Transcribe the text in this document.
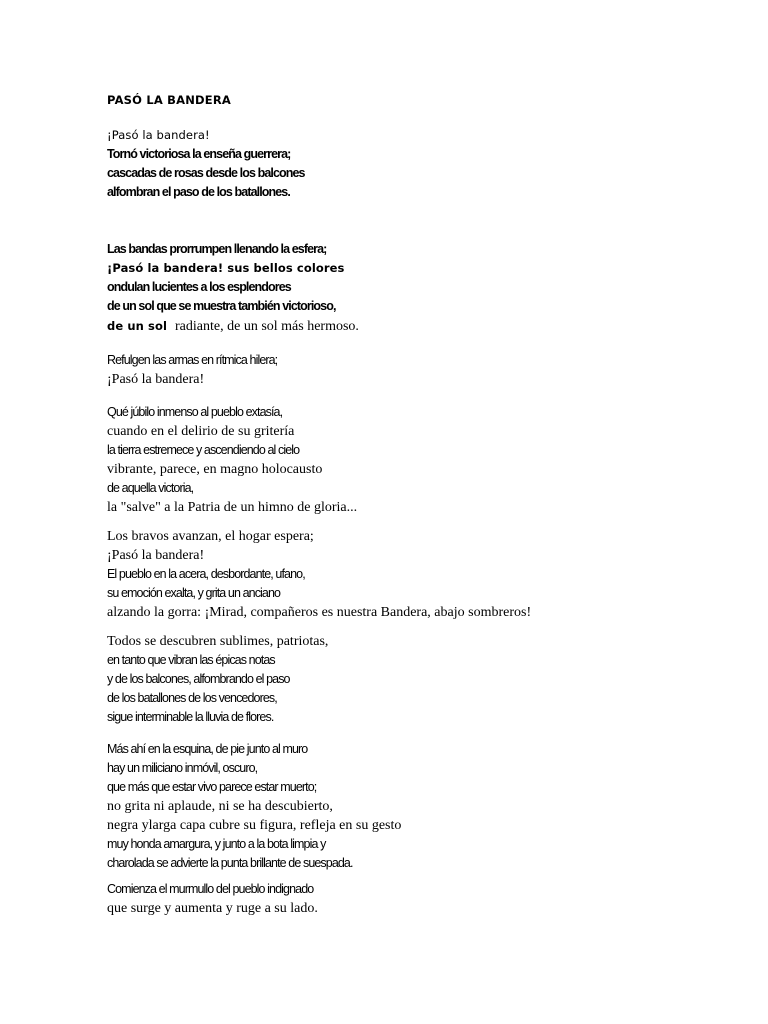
PASÓ LA BANDERA
¡Pasó la bandera!
Tornó victoriosa la enseña guerrera;
cascadas de rosas desde los balcones
alfombran el paso de los batallones.
Las bandas prorrumpen llenando la esfera;
¡Pasó la bandera! sus bellos colores
ondulan lucientes a los esplendores
de un sol que se muestra también victorioso,
de un sol radiante, de un sol más hermoso.
Refulgen las armas en rítmica hilera;
¡Pasó la bandera!
Qué júbilo inmenso al pueblo extasía,
cuando en el delirio de su gritería
la tierra estremece y ascendiendo al cielo
vibrante, parece, en magno holocausto
de aquella victoria,
la "salve" a la Patria de un himno de gloria...
Los bravos avanzan, el hogar espera;
¡Pasó la bandera!
El pueblo en la acera, desbordante, ufano,
su emoción exalta, y grita un anciano
alzando la gorra: ¡Mirad, compañeros es nuestra Bandera, abajo sombreros!
Todos se descubren sublimes, patriotas,
en tanto que vibran las épicas notas
y de los balcones, alfombrando el paso
de los batallones de los vencedores,
sigue interminable la lluvia de flores.
Más ahí en la esquina, de pie junto al muro
hay un miliciano inmóvil, oscuro,
que más que estar vivo parece estar muerto;
no grita ni aplaude, ni se ha descubierto,
negra ylarga capa cubre su figura, refleja en su gesto
muy honda amargura, y junto a la bota limpia y
charolada se advierte la punta brillante de suespada.
Comienza el murmullo del pueblo indignado
que surge y aumenta y ruge a su lado.
